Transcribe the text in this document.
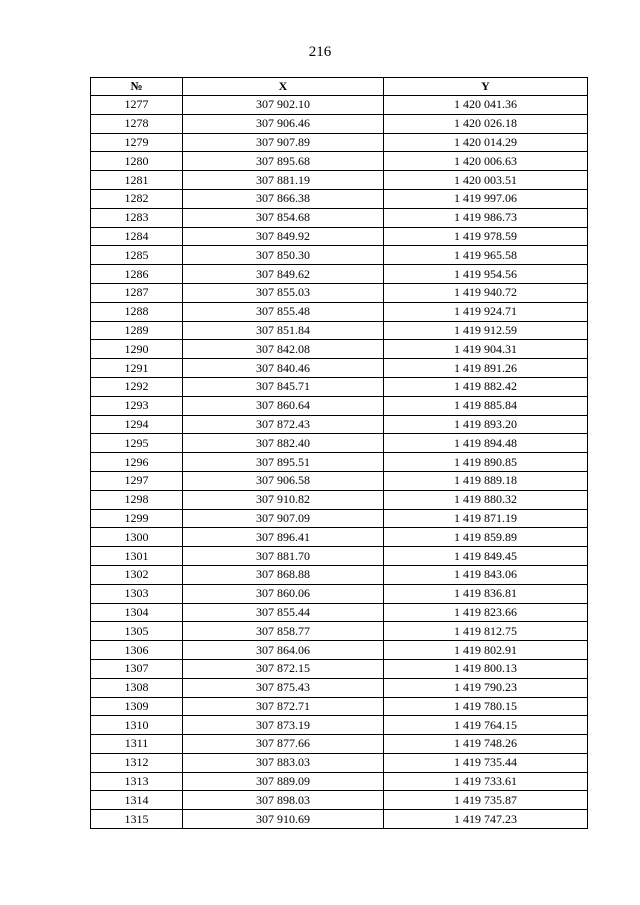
216
№	X	Y
1277	307 902.10	1 420 041.36
1278	307 906.46	1 420 026.18
1279	307 907.89	1 420 014.29
1280	307 895.68	1 420 006.63
1281	307 881.19	1 420 003.51
1282	307 866.38	1 419 997.06
1283	307 854.68	1 419 986.73
1284	307 849.92	1 419 978.59
1285	307 850.30	1 419 965.58
1286	307 849.62	1 419 954.56
1287	307 855.03	1 419 940.72
1288	307 855.48	1 419 924.71
1289	307 851.84	1 419 912.59
1290	307 842.08	1 419 904.31
1291	307 840.46	1 419 891.26
1292	307 845.71	1 419 882.42
1293	307 860.64	1 419 885.84
1294	307 872.43	1 419 893.20
1295	307 882.40	1 419 894.48
1296	307 895.51	1 419 890.85
1297	307 906.58	1 419 889.18
1298	307 910.82	1 419 880.32
1299	307 907.09	1 419 871.19
1300	307 896.41	1 419 859.89
1301	307 881.70	1 419 849.45
1302	307 868.88	1 419 843.06
1303	307 860.06	1 419 836.81
1304	307 855.44	1 419 823.66
1305	307 858.77	1 419 812.75
1306	307 864.06	1 419 802.91
1307	307 872.15	1 419 800.13
1308	307 875.43	1 419 790.23
1309	307 872.71	1 419 780.15
1310	307 873.19	1 419 764.15
1311	307 877.66	1 419 748.26
1312	307 883.03	1 419 735.44
1313	307 889.09	1 419 733.61
1314	307 898.03	1 419 735.87
1315	307 910.69	1 419 747.23
